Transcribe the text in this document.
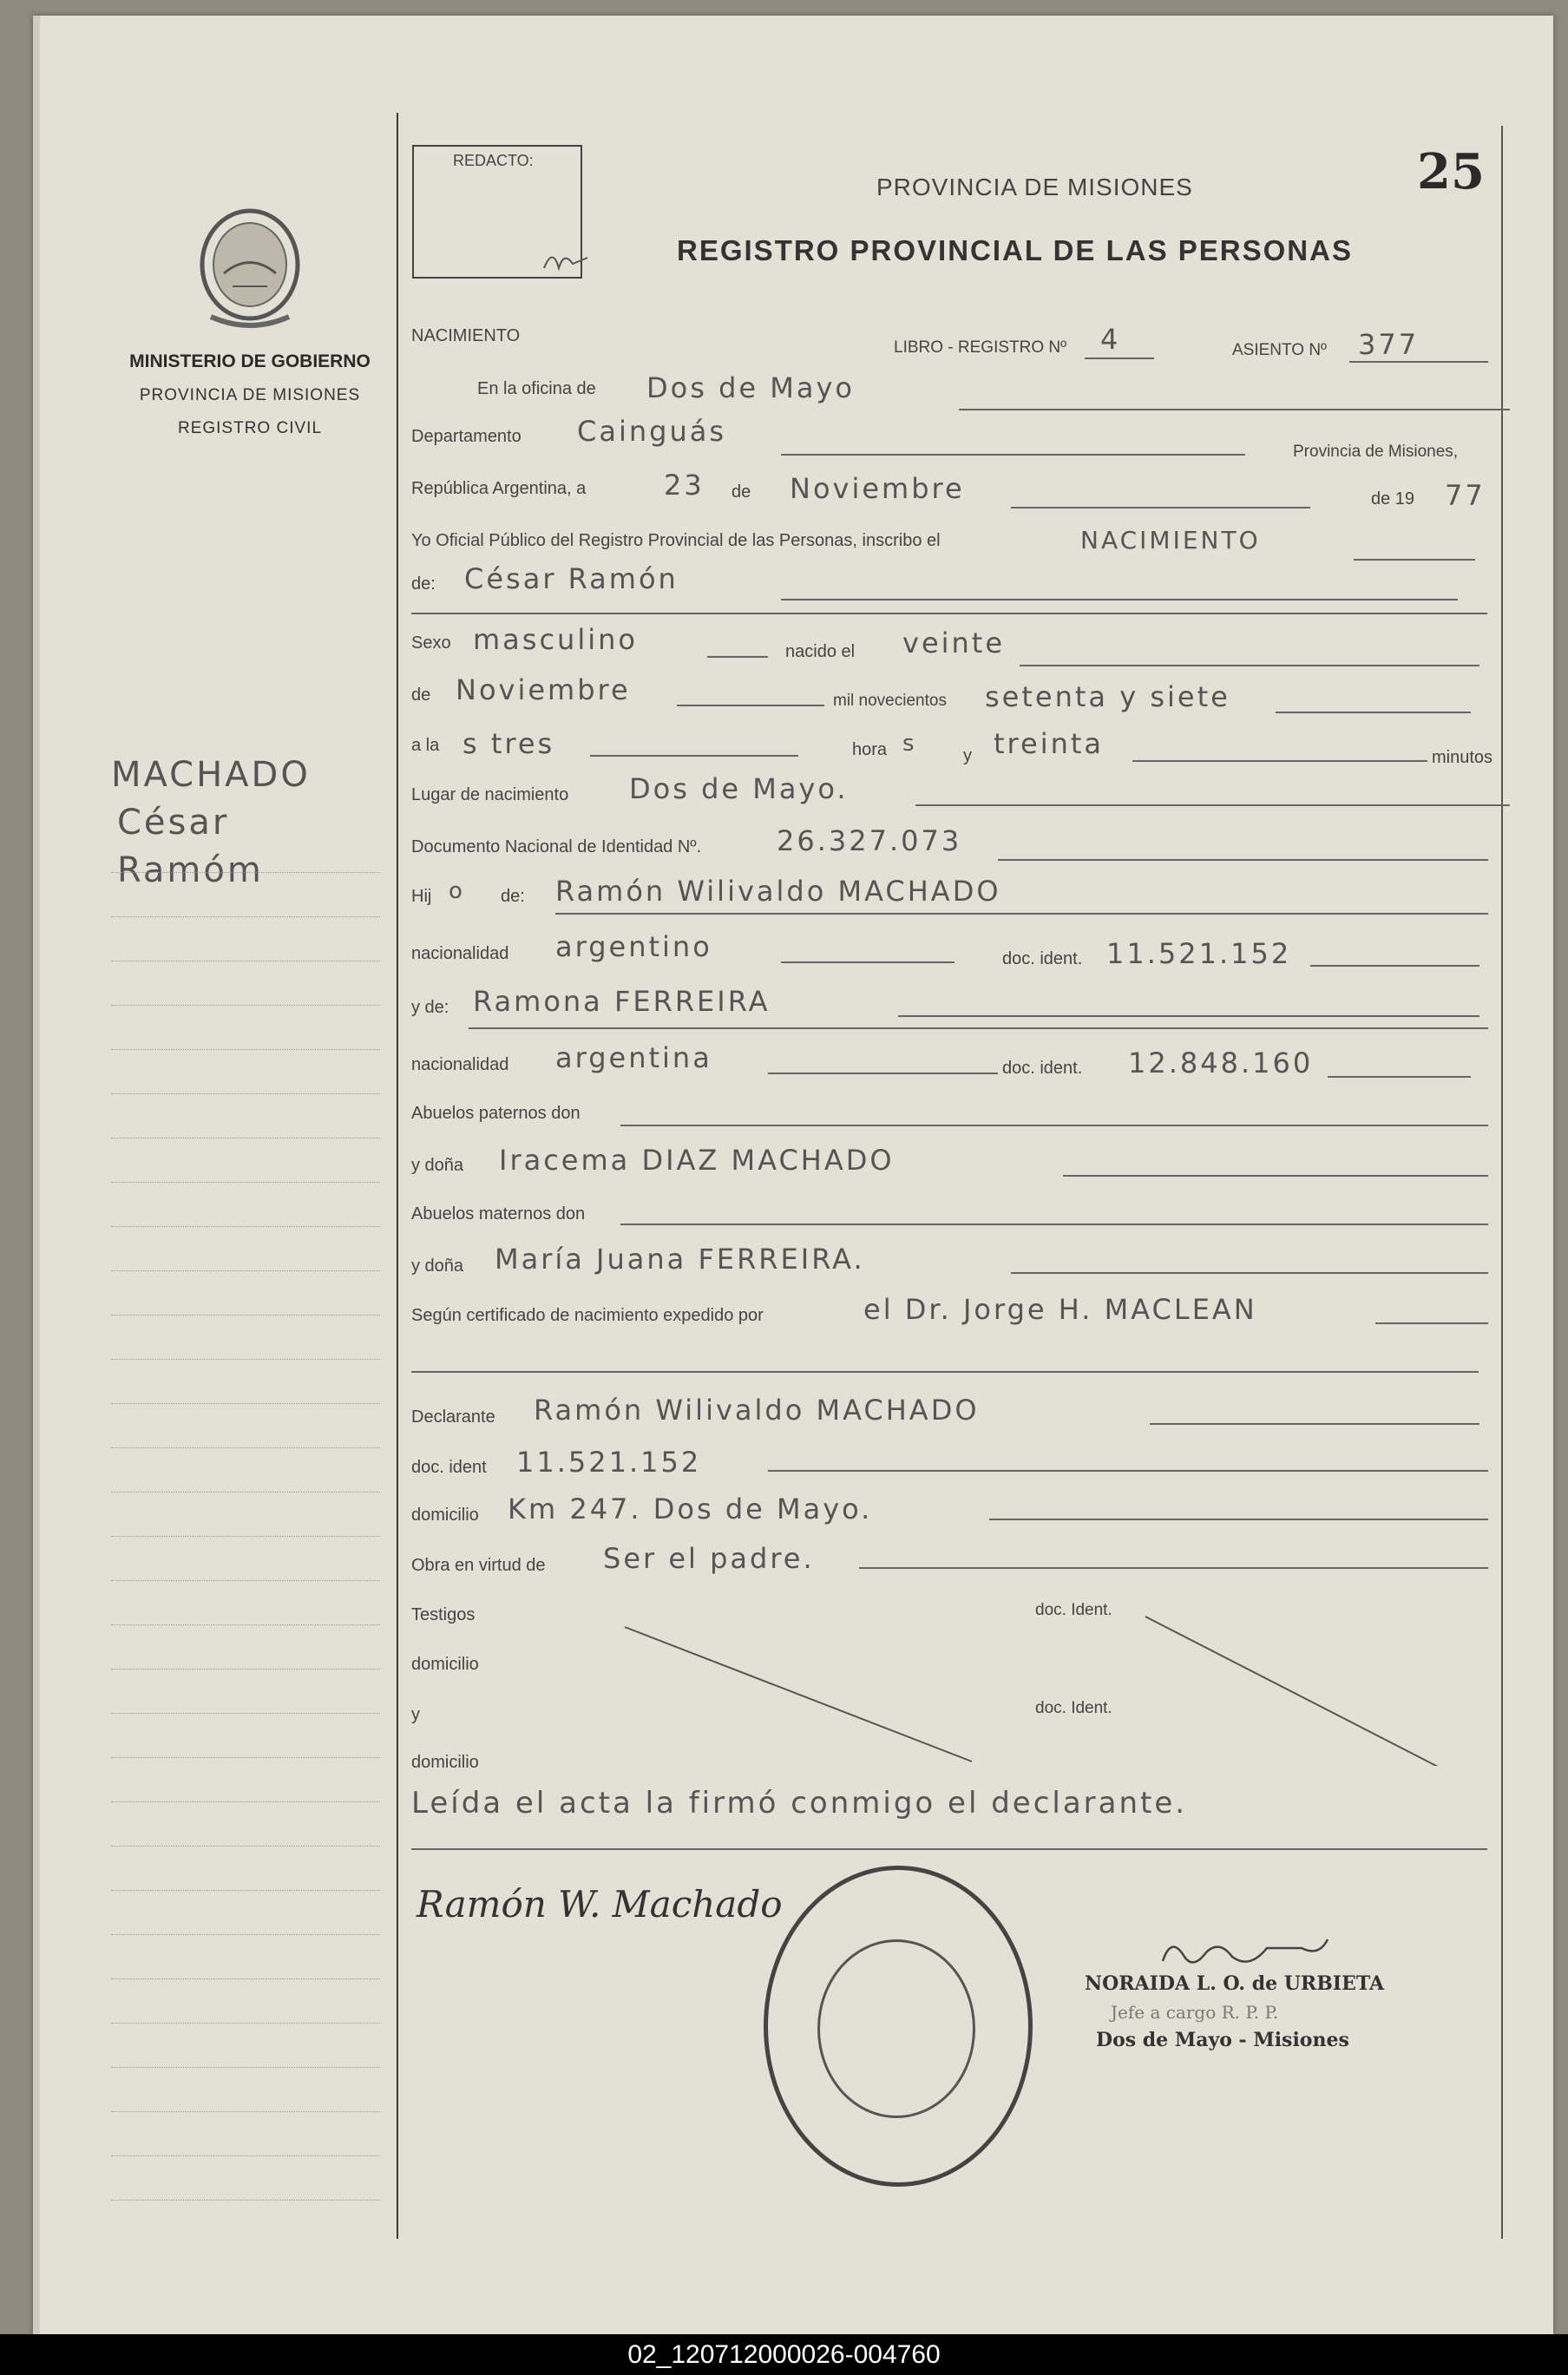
25
REDACTO:
PROVINCIA DE MISIONES
REGISTRO PROVINCIAL DE LAS PERSONAS
MINISTERIO DE GOBIERNO
PROVINCIA DE MISIONES
REGISTRO CIVIL
MACHADO
César
Ramóm
NACIMIENTO
LIBRO - REGISTRO Nº 4	ASIENTO Nº 377
En la oficina de Dos de Mayo
Departamento Cainguás
Provincia de Misiones,
República Argentina, a	23 de Noviembre	de 19 77
Yo Oficial Público del Registro Provincial de las Personas, inscribo el	NACIMIENTO
de: César Ramón
Sexo masculino	nacido el veinte
de Noviembre	mil novecientos setenta y siete
a la s tres	hora s	y treinta	minutos
Lugar de nacimiento Dos de Mayo.
Documento Nacional de Identidad Nº.	26.327.073
Hij o de: Ramón Wilivaldo MACHADO
nacionalidad argentino	doc. ident. 11.521.152
y de: Ramona FERREIRA
nacionalidad argentina	doc. ident. 12.848.160
Abuelos paternos don
y doña Iracema DIAZ MACHADO
Abuelos maternos don
y doña María Juana FERREIRA.
Según certificado de nacimiento expedido por	el Dr. Jorge H. MACLEAN
Declarante Ramón Wilivaldo MACHADO
doc. ident 11.521.152
domicilio Km 247. Dos de Mayo.
Obra en virtud de Ser el padre.
Testigos	doc. Ident.
domicilio
y	doc. Ident.
domicilio
Leída el acta la firmó conmigo el declarante.
Ramón W. Machado
NORAIDA L. O. de URBIETA
Jefe a cargo R. P. P.
Dos de Mayo - Misiones
02_120712000026-004760
